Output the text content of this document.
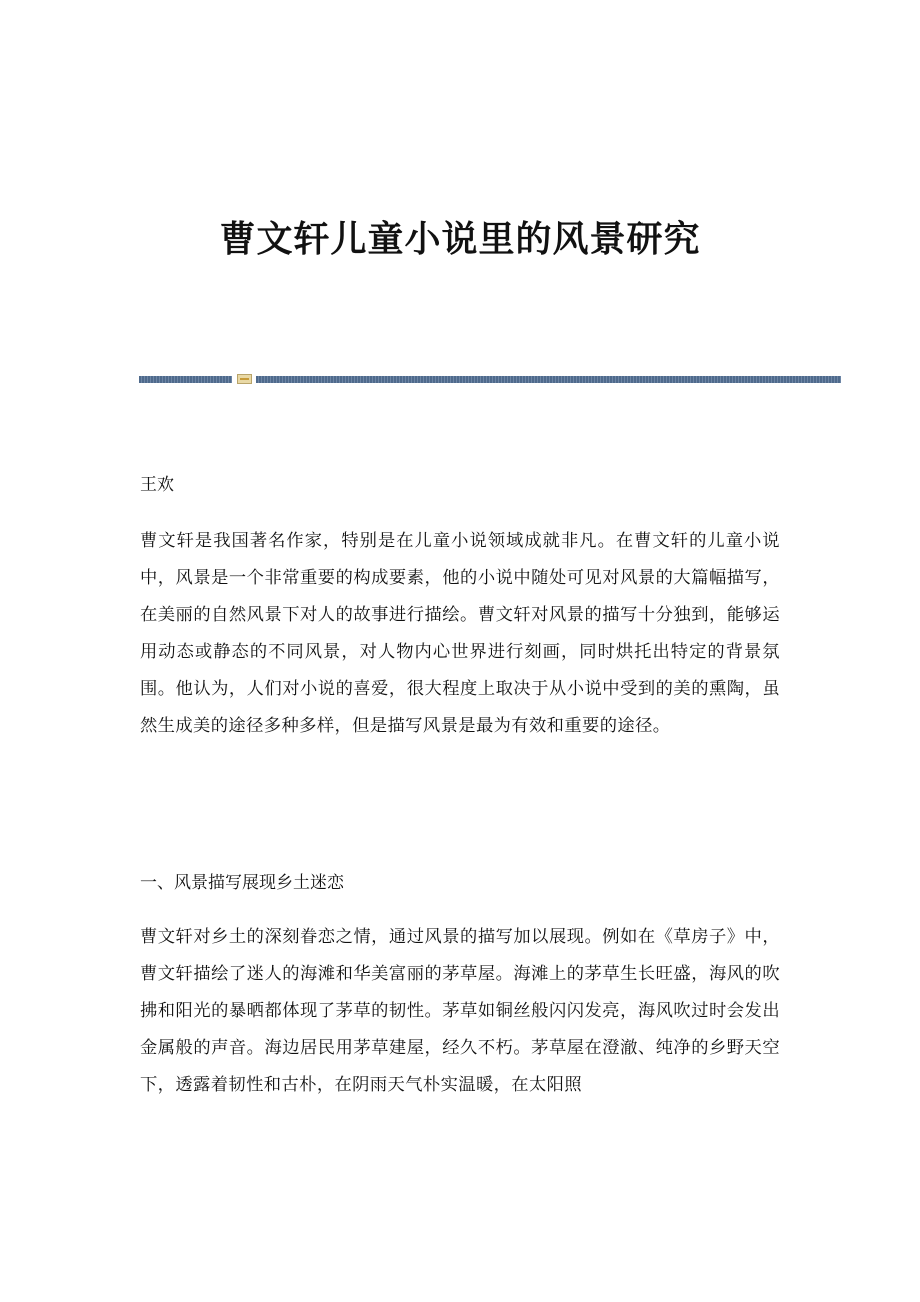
曹文轩儿童小说里的风景研究

王欢

曹文轩是我国著名作家，特别是在儿童小说领域成就非凡。在曹文轩的儿童小说中，风景是一个非常重要的构成要素，他的小说中随处可见对风景的大篇幅描写，在美丽的自然风景下对人的故事进行描绘。曹文轩对风景的描写十分独到，能够运用动态或静态的不同风景，对人物内心世界进行刻画，同时烘托出特定的背景氛围。他认为，人们对小说的喜爱，很大程度上取决于从小说中受到的美的熏陶，虽然生成美的途径多种多样，但是描写风景是最为有效和重要的途径。

一、风景描写展现乡土迷恋

曹文轩对乡土的深刻眷恋之情，通过风景的描写加以展现。例如在《草房子》中，曹文轩描绘了迷人的海滩和华美富丽的茅草屋。海滩上的茅草生长旺盛，海风的吹拂和阳光的暴晒都体现了茅草的韧性。茅草如铜丝般闪闪发亮，海风吹过时会发出金属般的声音。海边居民用茅草建屋，经久不朽。茅草屋在澄澈、纯净的乡野天空下，透露着韧性和古朴，在阴雨天气朴实温暖，在太阳照
